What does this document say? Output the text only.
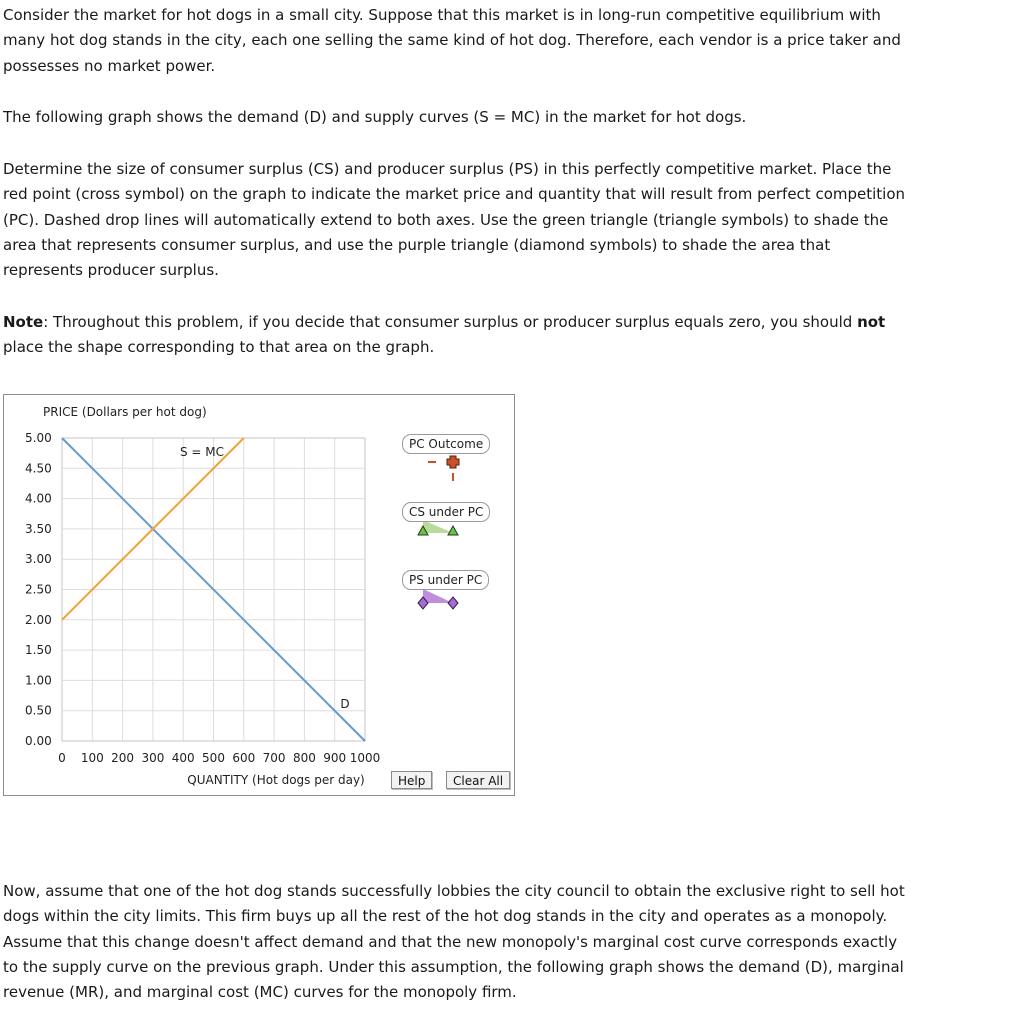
Consider the market for hot dogs in a small city. Suppose that this market is in long-run competitive equilibrium with many hot dog stands in the city, each one selling the same kind of hot dog. Therefore, each vendor is a price taker and possesses no market power.

The following graph shows the demand (D) and supply curves (S = MC) in the market for hot dogs.

Determine the size of consumer surplus (CS) and producer surplus (PS) in this perfectly competitive market. Place the red point (cross symbol) on the graph to indicate the market price and quantity that will result from perfect competition (PC). Dashed drop lines will automatically extend to both axes. Use the green triangle (triangle symbols) to shade the area that represents consumer surplus, and use the purple triangle (diamond symbols) to shade the area that represents producer surplus.

Note: Throughout this problem, if you decide that consumer surplus or producer surplus equals zero, you should not place the shape corresponding to that area on the graph.

0 100 200 300 400 500 600 700 800 900 1000
0.00
0.50
1.00
1.50
2.00
2.50
3.00
3.50
4.00
4.50
5.00
PRICE (Dollars per hot dog)
QUANTITY (Hot dogs per day)
D
S = MC
PC Outcome
CS under PC
PS under PC
Help	Clear All

Now, assume that one of the hot dog stands successfully lobbies the city council to obtain the exclusive right to sell hot dogs within the city limits. This firm buys up all the rest of the hot dog stands in the city and operates as a monopoly. Assume that this change doesn't affect demand and that the new monopoly's marginal cost curve corresponds exactly to the supply curve on the previous graph. Under this assumption, the following graph shows the demand (D), marginal revenue (MR), and marginal cost (MC) curves for the monopoly firm.
